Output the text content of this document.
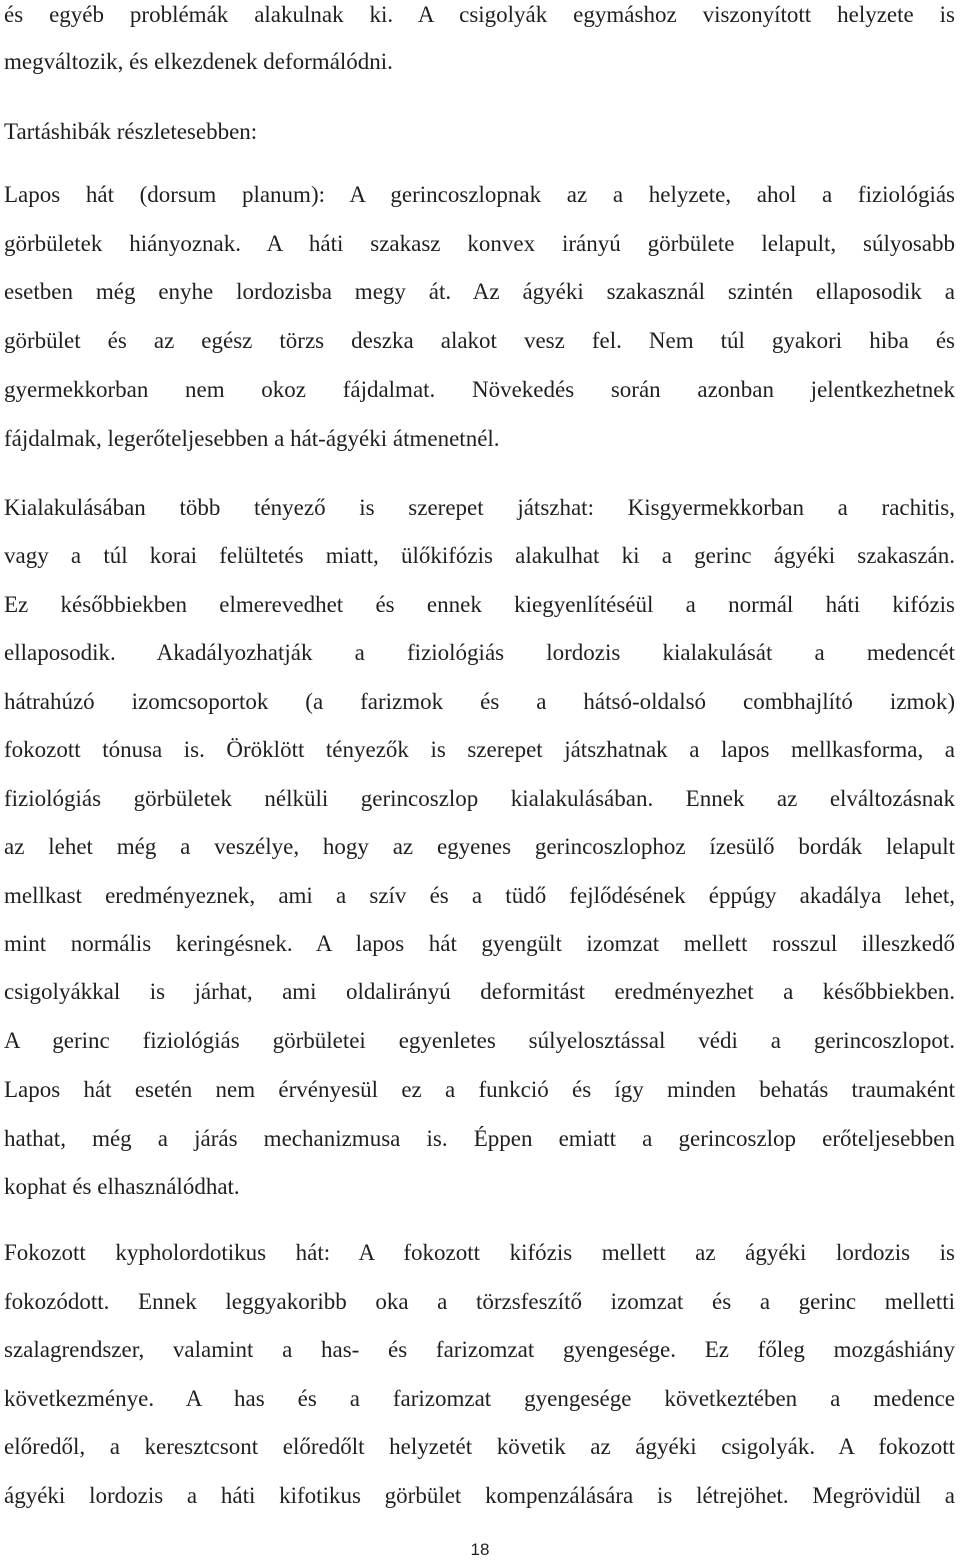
és egyéb problémák alakulnak ki. A csigolyák egymáshoz viszonyított helyzete is
megváltozik, és elkezdenek deformálódni.
Tartáshibák részletesebben:
Lapos hát (dorsum planum): A gerincoszlopnak az a helyzete, ahol a fiziológiás
görbületek hiányoznak. A háti szakasz konvex irányú görbülete lelapult, súlyosabb
esetben még enyhe lordozisba megy át. Az ágyéki szakasznál szintén ellaposodik a
görbület és az egész törzs deszka alakot vesz fel. Nem túl gyakori hiba és
gyermekkorban nem okoz fájdalmat. Növekedés során azonban jelentkezhetnek
fájdalmak, legerőteljesebben a hát-ágyéki átmenetnél.
Kialakulásában több tényező is szerepet játszhat: Kisgyermekkorban a rachitis,
vagy a túl korai felültetés miatt, ülőkifózis alakulhat ki a gerinc ágyéki szakaszán.
Ez későbbiekben elmerevedhet és ennek kiegyenlítéséül a normál háti kifózis
ellaposodik. Akadályozhatják a fiziológiás lordozis kialakulását a medencét
hátrahúzó izomcsoportok (a farizmok és a hátsó-oldalsó combhajlító izmok)
fokozott tónusa is. Öröklött tényezők is szerepet játszhatnak a lapos mellkasforma, a
fiziológiás görbületek nélküli gerincoszlop kialakulásában. Ennek az elváltozásnak
az lehet még a veszélye, hogy az egyenes gerincoszlophoz ízesülő bordák lelapult
mellkast eredményeznek, ami a szív és a tüdő fejlődésének éppúgy akadálya lehet,
mint normális keringésnek. A lapos hát gyengült izomzat mellett rosszul illeszkedő
csigolyákkal is járhat, ami oldalirányú deformitást eredményezhet a későbbiekben.
A gerinc fiziológiás görbületei egyenletes súlyelosztással védi a gerincoszlopot.
Lapos hát esetén nem érvényesül ez a funkció és így minden behatás traumaként
hathat, még a járás mechanizmusa is. Éppen emiatt a gerincoszlop erőteljesebben
kophat és elhasználódhat.
Fokozott kypholordotikus hát: A fokozott kifózis mellett az ágyéki lordozis is
fokozódott. Ennek leggyakoribb oka a törzsfeszítő izomzat és a gerinc melletti
szalagrendszer, valamint a has- és farizomzat gyengesége. Ez főleg mozgáshiány
következménye. A has és a farizomzat gyengesége következtében a medence
előredől, a keresztcsont előredőlt helyzetét követik az ágyéki csigolyák. A fokozott
ágyéki lordozis a háti kifotikus görbület kompenzálására is létrejöhet. Megrövidül a
18
